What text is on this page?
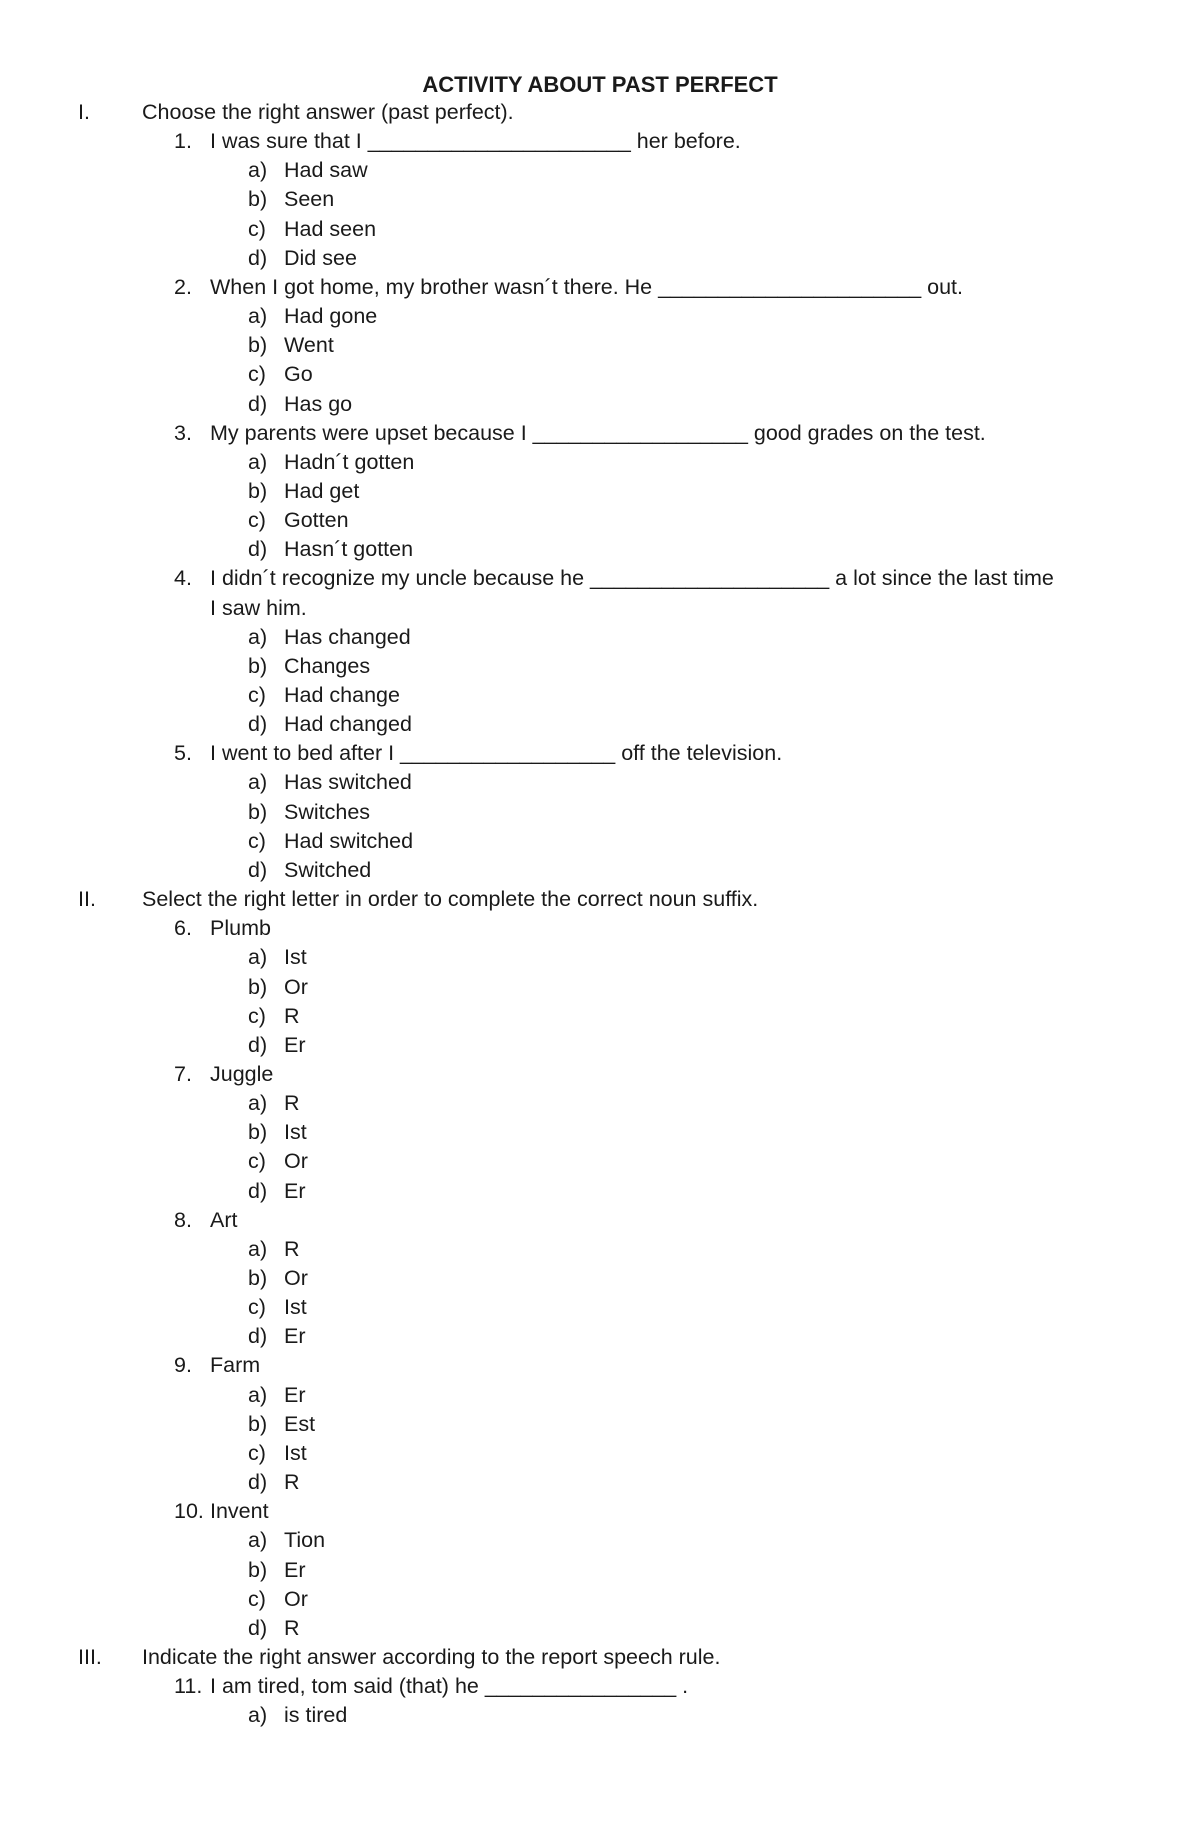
ACTIVITY ABOUT PAST PERFECT
I. Choose the right answer (past perfect).
1. I was sure that I ______________________ her before.
a) Had saw
b) Seen
c) Had seen
d) Did see
2. When I got home, my brother wasn´t there. He ______________________ out.
a) Had gone
b) Went
c) Go
d) Has go
3. My parents were upset because I __________________ good grades on the test.
a) Hadn´t gotten
b) Had get
c) Gotten
d) Hasn´t gotten
4. I didn´t recognize my uncle because he ____________________ a lot since the last time
I saw him.
a) Has changed
b) Changes
c) Had change
d) Had changed
5. I went to bed after I __________________ off the television.
a) Has switched
b) Switches
c) Had switched
d) Switched
II. Select the right letter in order to complete the correct noun suffix.
6. Plumb
a) Ist
b) Or
c) R
d) Er
7. Juggle
a) R
b) Ist
c) Or
d) Er
8. Art
a) R
b) Or
c) Ist
d) Er
9. Farm
a) Er
b) Est
c) Ist
d) R
10. Invent
a) Tion
b) Er
c) Or
d) R
III. Indicate the right answer according to the report speech rule.
11. I am tired, tom said (that) he ________________ .
a) is tired
